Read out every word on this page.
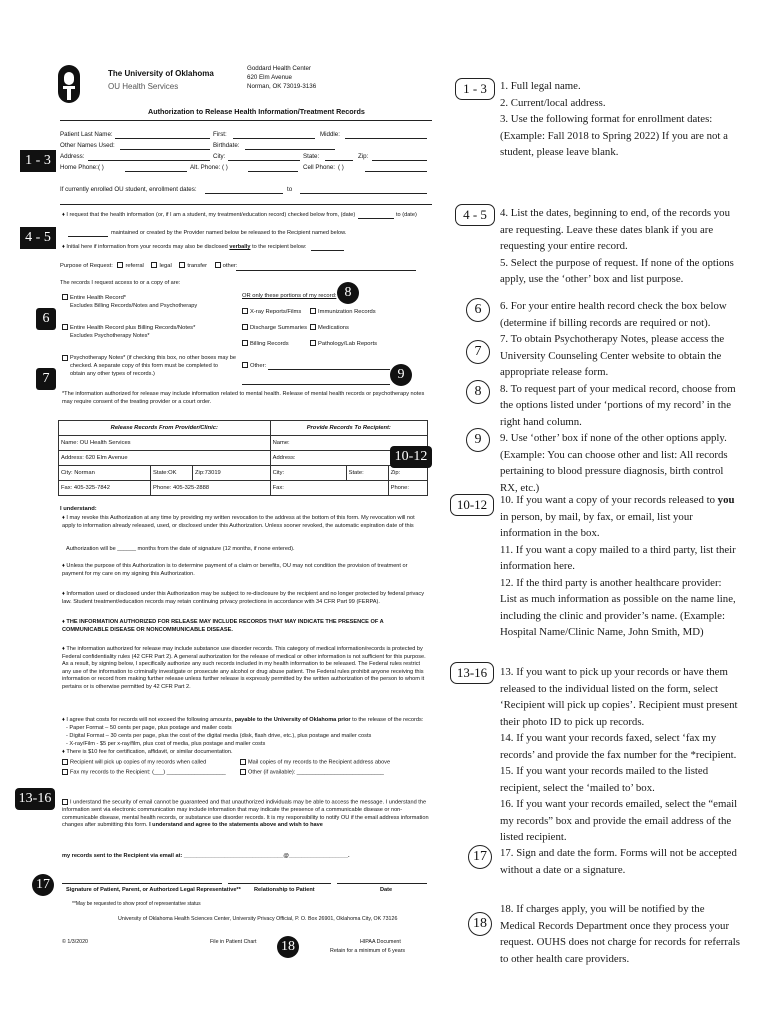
The University of Oklahoma
OU Health Services
Goddard Health Center
620 Elm Avenue
Norman, OK 73019-3136
Authorization to Release Health Information/Treatment Records
Patient Last Name:	First:	Middle:
Other Names Used:	Birthdate:
Address:	City:	State:	Zip:
Home Phone: ( )	Alt. Phone: ( )	Cell Phone: ( )
If currently enrolled OU student, enrollment dates:	to
♦ I request that the health information (or, if I am a student, my treatment/education record) checked below from, (date)	to (date)
maintained or created by the Provider named below be released to the Recipient named below.
♦ Initial here if information from your records may also be disclosed verbally to the recipient below:
Purpose of Request: referral	legal	transfer	other:
The records I request access to or a copy of are:
Entire Health Record*
Excludes Billing Records/Notes and Psychotherapy
Entire Health Record plus Billing Records/Notes*
Excludes Psychotherapy Notes*
Psychotherapy Notes* (if checking this box, no other boxes may be
checked. A separate copy of this form must be completed to
obtain any other types of records.)
OR only these portions of my record:
X-ray Reports/Films	Immunization Records
Discharge Summaries	Medications
Billing Records	Pathology/Lab Reports
Other:
*The information authorized for release may include information related to mental health. Release of mental health records or psychotherapy notes may require consent of the treating provider or a court order.
Release Records From Provider/Clinic:			Provide Records To Recipient:		
Name: OU Health Services			Name:		
Address: 620 Elm Avenue			Address:		
City: Norman	State:OK	Zip:73019	City:	State:	Zip:
Fax: 405-325-7842	Phone: 405-325-2888		Fax:		Phone:
I understand:
♦ I may revoke this Authorization at any time by providing my written revocation to the address at the bottom of this form. My revocation will not apply to information already released, used, or disclosed under this Authorization. Unless sooner revoked, the automatic expiration date of this
Authorization will be ______ months from the date of signature (12 months, if none entered).
♦ Unless the purpose of this Authorization is to determine payment of a claim or benefits, OU may not condition the provision of treatment or payment for my care on my signing this Authorization.
♦ Information used or disclosed under this Authorization may be subject to re-disclosure by the recipient and no longer protected by federal privacy law. Student treatment/education records may retain continuing privacy protections in accordance with 34 CFR Part 99 (FERPA).
♦ THE INFORMATION AUTHORIZED FOR RELEASE MAY INCLUDE RECORDS THAT MAY INDICATE THE PRESENCE OF A COMMUNICABLE DISEASE OR NONCOMMUNICABLE DISEASE.
♦ The information authorized for release may include substance use disorder records. This category of medical information/records is protected by Federal confidentiality rules (42 CFR Part 2). A general authorization for the release of medical or other information is not sufficient for this purpose. As a result, by signing below, I specifically authorize any such records included in my health information to be released. The Federal rules restrict any use of the information to criminally investigate or prosecute any alcohol or drug abuse patient. The Federal rules prohibit anyone receiving this information or record from making further release unless further release is expressly permitted by the written authorization of the person to whom it pertains or is otherwise permitted by 42 CFR Part 2.
♦ I agree that costs for records will not exceed the following amounts, payable to the University of Oklahoma prior to the release of the records:
- Paper Format – 50 cents per page, plus postage and mailer costs
- Digital Format – 30 cents per page, plus the cost of the digital media (disk, flash drive, etc.), plus postage and mailer costs
- X-ray/Film - $5 per x-ray/film, plus cost of media, plus postage and mailer costs
♦ There is $10 fee for certification, affidavit, or similar documentation.
Recipient will pick up copies of my records when called	Mail copies of my records to the Recipient address above
Fax my records to the Recipient: (___) ___________________	Other (if available): ____________________________
I understand the security of email cannot be guaranteed and that unauthorized individuals may be able to access the message. I understand the information sent via electronic communication may include information that may indicate the presence of a communicable disease or non-communicable disease, mental health records, or substance use disorder records. It is my responsibility to notify OU if the email address information changes after submitting this form. I understand and agree to the statements above and wish to have
my records sent to the Recipient via email at: ________________________________@___________________.
Signature of Patient, Parent, or Authorized Legal Representative** Relationship to Patient	Date
**May be requested to show proof of representative status
University of Oklahoma Health Sciences Center, University Privacy Official, P. O. Box 26901, Oklahoma City, OK 73126
© 1/3/2020	File in Patient Chart	HIPAA Document
Retain for a minimum of 6 years
1 - 3
4 - 5
6
7
8
9
10-12
13-16
17
18
1 - 3	1. Full legal name.
2. Current/local address.
3. Use the following format for enrollment dates:
(Example: Fall 2018 to Spring 2022) If you are not a student, please leave blank.
4 - 5	4. List the dates, beginning to end, of the records you are requesting. Leave these dates blank if you are requesting your entire record.
5. Select the purpose of request. If none of the options apply, use the ‘other’ box and list purpose.
6
7
8
9
6. For your entire health record check the box below (determine if billing records are required or not).
7. To obtain Psychotherapy Notes, please access the University Counseling Center website to obtain the appropriate release form.
8. To request part of your medical record, choose from the options listed under ‘portions of my record’ in the right hand column.
9. Use ‘other’ box if none of the other options apply.
(Example: You can choose other and list: All records pertaining to blood pressure diagnosis, birth control RX, etc.)
10-12	10. If you want a copy of your records released to you in person, by mail, by fax, or email, list your information in the box.
11. If you want a copy mailed to a third party, list their information here.
12. If the third party is another healthcare provider: List as much information as possible on the name line, including the clinic and provider’s name. (Example: Hospital Name/Clinic Name, John Smith, MD)
13-16	13. If you want to pick up your records or have them released to the individual listed on the form, select ‘Recipient will pick up copies’. Recipient must present their photo ID to pick up records.
14. If you want your records faxed, select ‘fax my records’ and provide the fax number for the *recipient.
15. If you want your records mailed to the listed recipient, select the ‘mailed to’ box.
16. If you want your records emailed, select the “email my records” box and provide the email address of the listed recipient.
17	17. Sign and date the form. Forms will not be accepted without a date or a signature.
18
18. If charges apply, you will be notified by the Medical Records Department once they process your request. OUHS does not charge for records for referrals to other health care providers.
